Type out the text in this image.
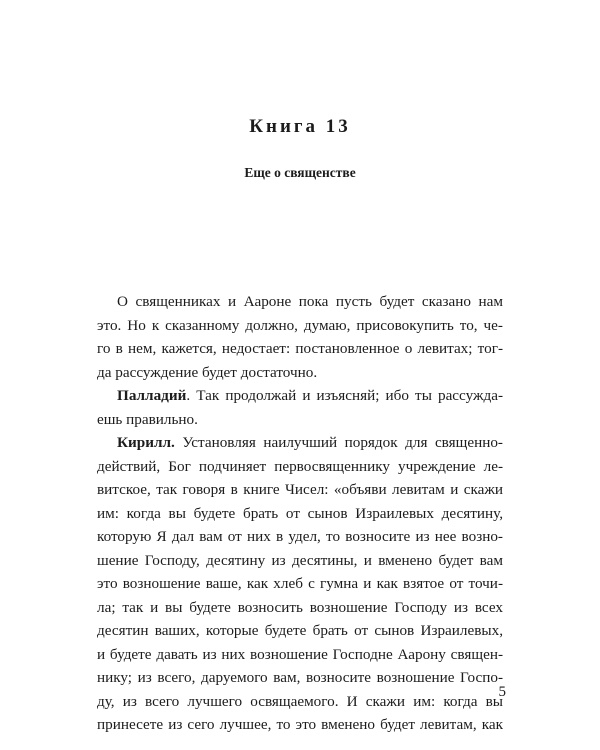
Книга 13
Еще о священстве
О священниках и Аароне пока пусть будет сказано нам
это. Но к сказанному должно, думаю, присовокупить то, че-
го в нем, кажется, недостает: постановленное о левитах; тог-
да рассуждение будет достаточно.
Палладий. Так продолжай и изъясняй; ибо ты рассужда-
ешь правильно.
Кирилл. Установляя наилучший порядок для священно-
действий, Бог подчиняет первосвященнику учреждение ле-
витское, так говоря в книге Чисел: «объяви левитам и скажи
им: когда вы будете брать от сынов Израилевых десятину,
которую Я дал вам от них в удел, то возносите из нее возно-
шение Господу, десятину из десятины, и вменено будет вам
это возношение ваше, как хлеб с гумна и как взятое от точи-
ла; так и вы будете возносить возношение Господу из всех
десятин ваших, которые будете брать от сынов Израилевых,
и будете давать из них возношение Господне Аарону священ-
нику; из всего, даруемого вам, возносите возношение Госпо-
ду, из всего лучшего освящаемого. И скажи им: когда вы
принесете из сего лучшее, то это вменено будет левитам, как
5
